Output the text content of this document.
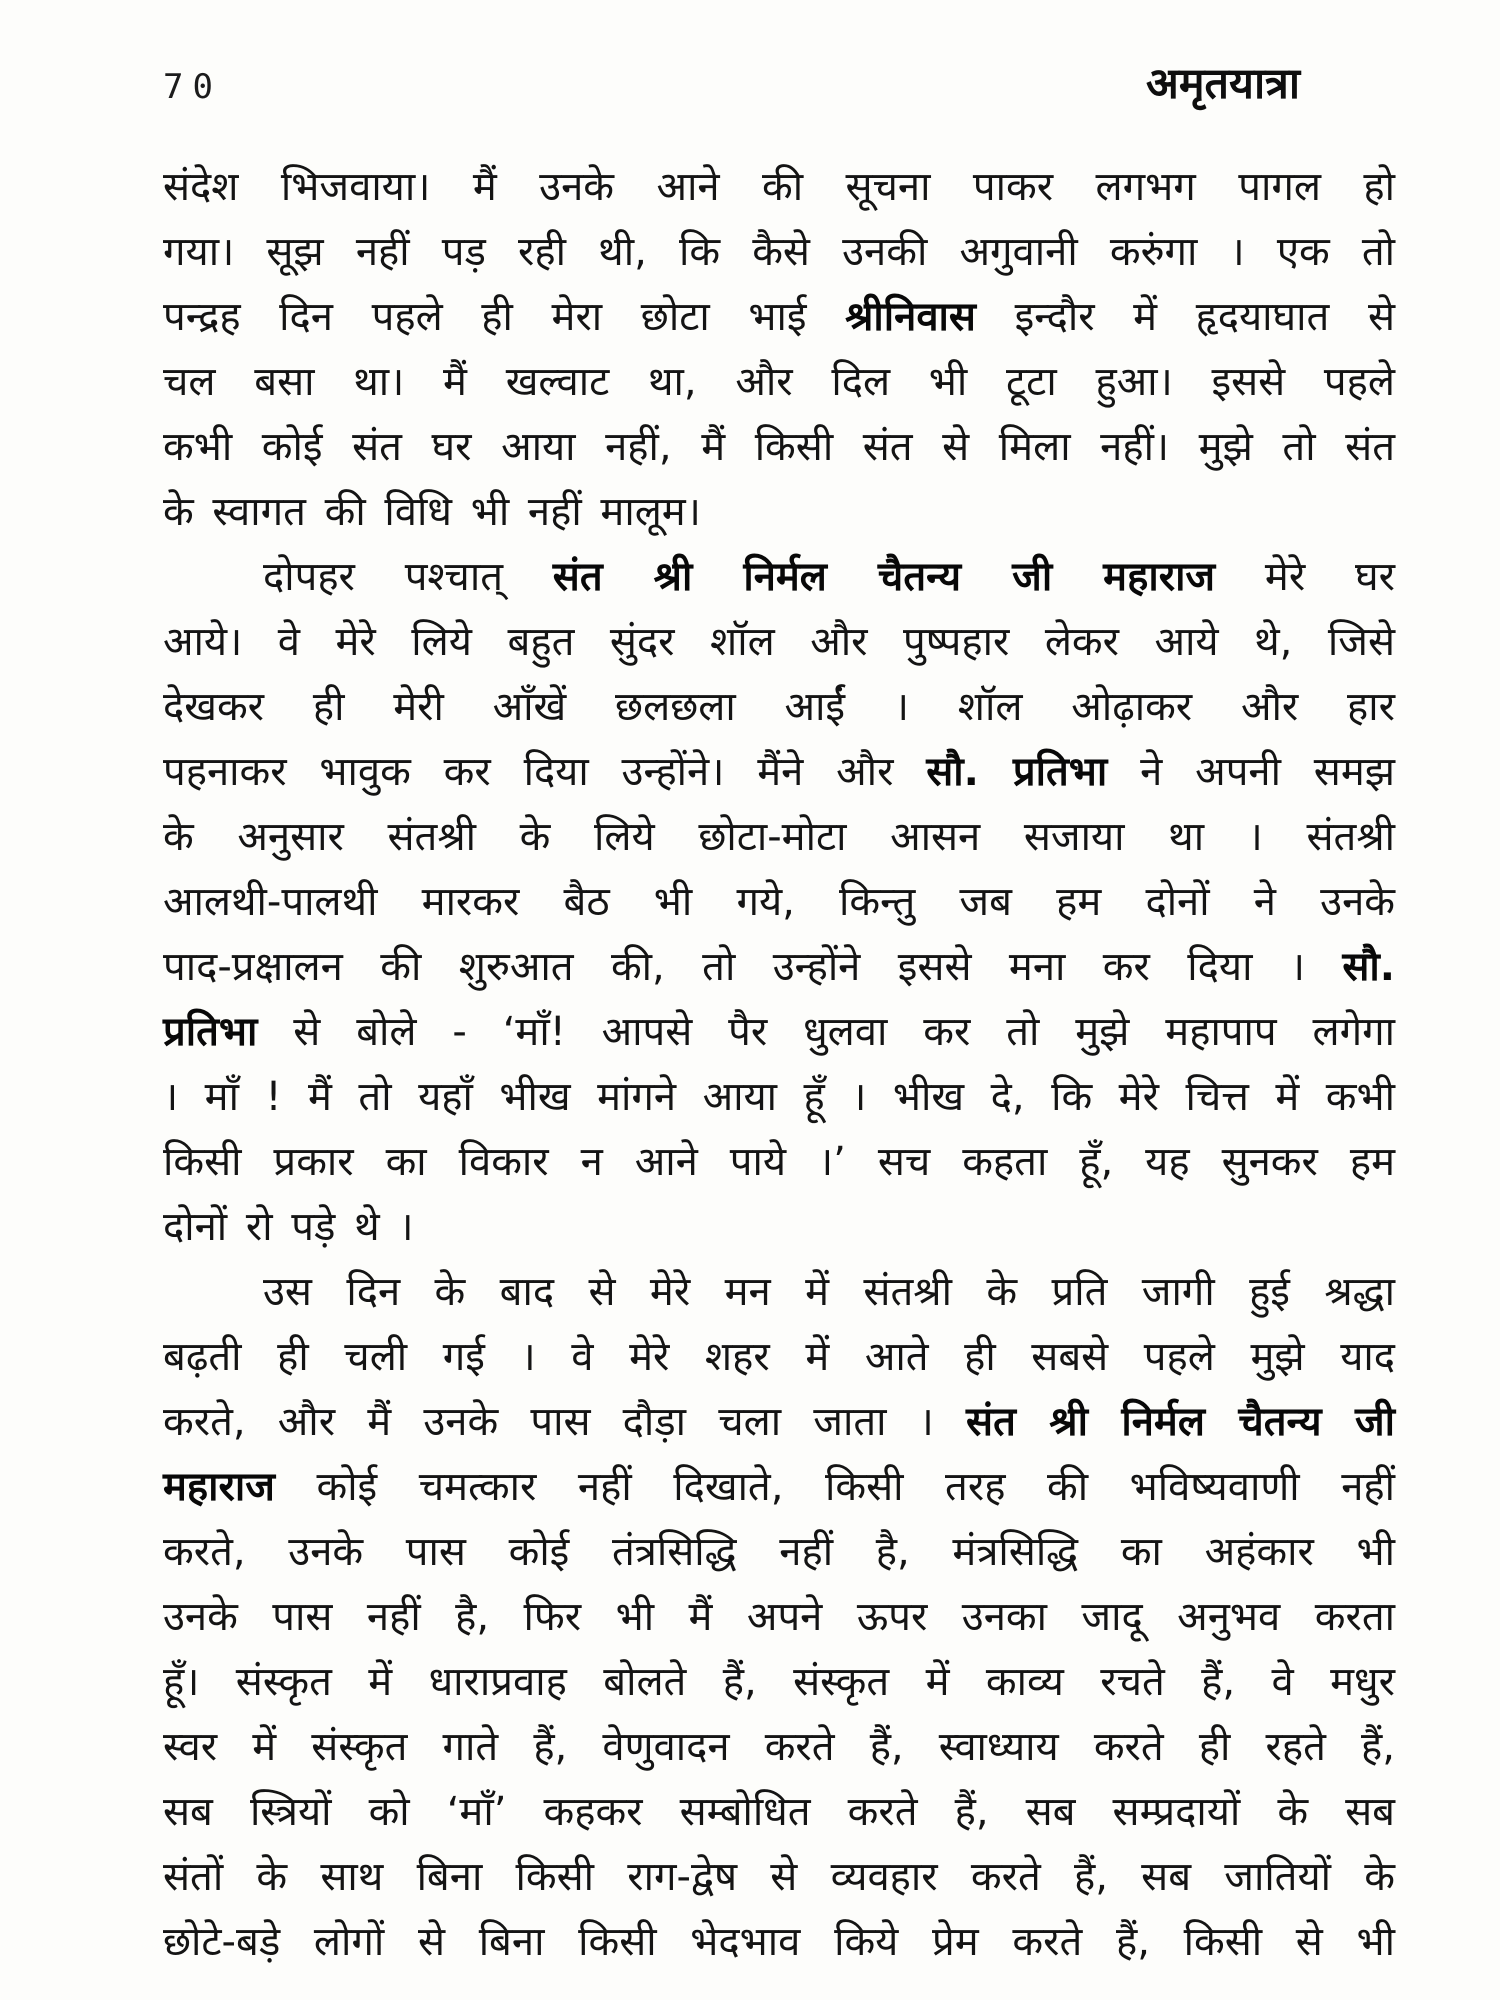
70	अमृतयात्रा
संदेश भिजवाया। मैं उनके आने की सूचना पाकर लगभग पागल हो
गया। सूझ नहीं पड़ रही थी, कि कैसे उनकी अगुवानी करुंगा । एक तो
पन्द्रह दिन पहले ही मेरा छोटा भाई श्रीनिवास इन्दौर में हृदयाघात से
चल बसा था। मैं खल्वाट था, और दिल भी टूटा हुआ। इससे पहले
कभी कोई संत घर आया नहीं, मैं किसी संत से मिला नहीं। मुझे तो संत
के स्वागत की विधि भी नहीं मालूम।
दोपहर पश्चात् संत श्री निर्मल चैतन्य जी महाराज मेरे घर
आये। वे मेरे लिये बहुत सुंदर शॉल और पुष्पहार लेकर आये थे, जिसे
देखकर ही मेरी आँखें छलछला आईं । शॉल ओढ़ाकर और हार
पहनाकर भावुक कर दिया उन्होंने। मैंने और सौ. प्रतिभा ने अपनी समझ
के अनुसार संतश्री के लिये छोटा-मोटा आसन सजाया था । संतश्री
आलथी-पालथी मारकर बैठ भी गये, किन्तु जब हम दोनों ने उनके
पाद-प्रक्षालन की शुरुआत की, तो उन्होंने इससे मना कर दिया । सौ.
प्रतिभा से बोले - ‘माँ! आपसे पैर धुलवा कर तो मुझे महापाप लगेगा
। माँ ! मैं तो यहाँ भीख मांगने आया हूँ । भीख दे, कि मेरे चित्त में कभी
किसी प्रकार का विकार न आने पाये ।’ सच कहता हूँ, यह सुनकर हम
दोनों रो पड़े थे ।
उस दिन के बाद से मेरे मन में संतश्री के प्रति जागी हुई श्रद्धा
बढ़ती ही चली गई । वे मेरे शहर में आते ही सबसे पहले मुझे याद
करते, और मैं उनके पास दौड़ा चला जाता । संत श्री निर्मल चैतन्य जी
महाराज कोई चमत्कार नहीं दिखाते, किसी तरह की भविष्यवाणी नहीं
करते, उनके पास कोई तंत्रसिद्धि नहीं है, मंत्रसिद्धि का अहंकार भी
उनके पास नहीं है, फिर भी मैं अपने ऊपर उनका जादू अनुभव करता
हूँ। संस्कृत में धाराप्रवाह बोलते हैं, संस्कृत में काव्य रचते हैं, वे मधुर
स्वर में संस्कृत गाते हैं, वेणुवादन करते हैं, स्वाध्याय करते ही रहते हैं,
सब स्त्रियों को ‘माँ’ कहकर सम्बोधित करते हैं, सब सम्प्रदायों के सब
संतों के साथ बिना किसी राग-द्वेष से व्यवहार करते हैं, सब जातियों के
छोटे-बड़े लोगों से बिना किसी भेदभाव किये प्रेम करते हैं, किसी से भी
